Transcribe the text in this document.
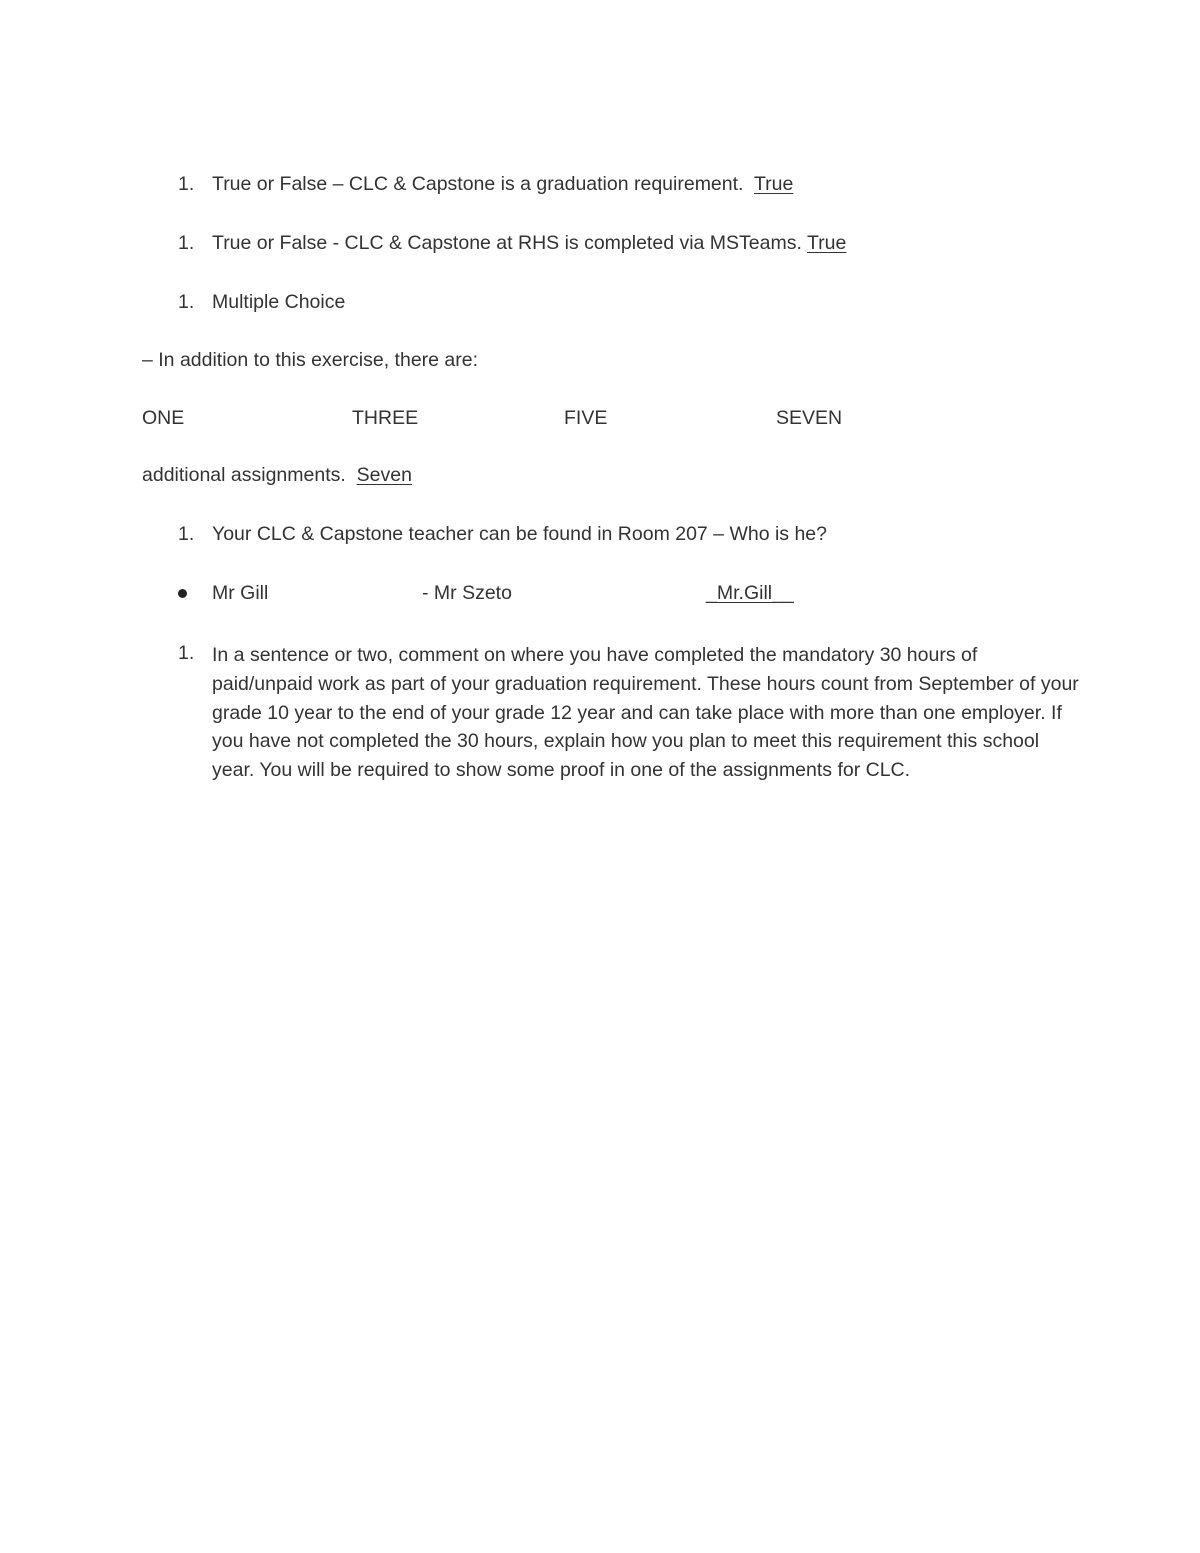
1. True or False – CLC & Capstone is a graduation requirement. True
1. True or False - CLC & Capstone at RHS is completed via MSTeams. True
1. Multiple Choice
– In addition to this exercise, there are:
ONE	THREE	FIVE	SEVEN
additional assignments. Seven
1. Your CLC & Capstone teacher can be found in Room 207 – Who is he?
Mr Gill	- Mr Szeto	_Mr.Gill__
1. In a sentence or two, comment on where you have completed the mandatory 30 hours of paid/unpaid work as part of your graduation requirement. These hours count from September of your grade 10 year to the end of your grade 12 year and can take place with more than one employer. If you have not completed the 30 hours, explain how you plan to meet this requirement this school year. You will be required to show some proof in one of the assignments for CLC.
